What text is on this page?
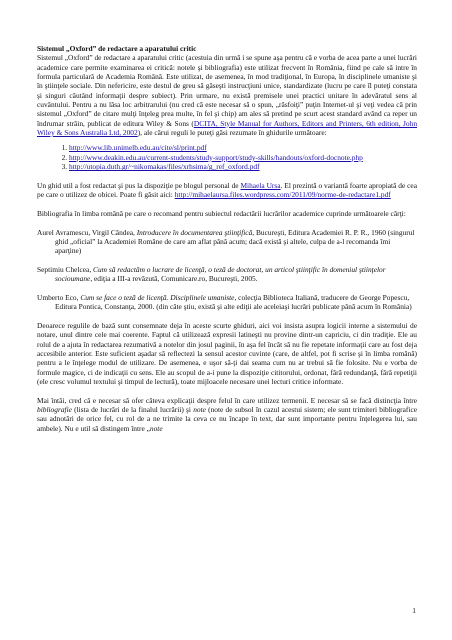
Sistemul „Oxford” de redactare a aparatului critic

Sistemul „Oxford” de redactare a aparatului critic (acestuia din urmă i se spune aşa pentru că e vorba de acea parte a unei lucrări academice care permite examinarea ei critică: notele şi bibliografia) este utilizat frecvent în România, fiind pe cale să intre în formula particulară de Academia Română. Este utilizat, de asemenea, în mod tradiţional, în Europa, în disciplinele umaniste şi în ştiinţele sociale. Din nefericire, este destul de greu să găseşti instrucţiuni unice, standardizate (lucru pe care îl puteţi constata şi singuri căutând informaţii despre subiect). Prin urmare, nu există premisele unei practici unitare în adevăratul sens al cuvântului. Pentru a nu lăsa loc arbitrarului (nu cred că este necesar să o spun, „răsfoiţi” puţin Internet-ul şi veţi vedea că prin sistemul „Oxford” de citare mulţi înţeleg prea multe, în fel şi chip) am ales să pretind pe scurt acest standard având ca reper un îndrumar străin, publicat de editura Wiley & Sons (DCITA, Style Manual for Authors, Editors and Printers, 6th edition, John Wiley & Sons Australia Ltd, 2002), ale cărui reguli le puteţi găsi rezumate în ghidurile următoare:

1. http://www.lib.unimelb.edu.au/cite/sl/print.pdf
2. http://www.deakin.edu.au/current-students/study-support/study-skills/handouts/oxford-docnote.php
3. http://utopia.duth.gr/~nikomakas/files/xrhsima/g_ref_oxford.pdf

Un ghid util a fost redactat şi pus la dispoziţie pe blogul personal de Mihaela Ursa. El prezintă o variantă foarte apropiată de cea pe care o utilizez de obicei. Poate fi găsit aici: http://mihaelaursa.files.wordpress.com/2011/09/norme-de-redactare1.pdf

Bibliografia în limba română pe care o recomand pentru subiectul redactării lucrărilor academice cuprinde următoarele cărţi:

Aurel Avramescu, Virgil Cândea, Introducere în documentarea ştiinţifică, Bucureşti, Editura Academiei R. P. R., 1960 (singurul ghid „oficial” la Academiei Române de care am aflat până acum; dacă există şi altele, culpa de a-l recomanda îmi aparţine)

Septimiu Chelcea, Cum să redactăm o lucrare de licenţă, o teză de doctorat, un articol ştiinţific în domeniul ştiinţelor socioumane, ediţia a III-a revăzută, Comunicare.ro, Bucureşti, 2005.

Umberto Eco, Cum se face o teză de licenţă. Disciplinele umaniste, colecţia Biblioteca Italiană, traducere de George Popescu, Editura Pontica, Constanţa, 2000. (din câte ştiu, există şi alte ediţii ale aceleiaşi lucrări publicate până acum în România)

Deoarece regulile de bază sunt consemnate deja în aceste scurte ghiduri, aici voi insista asupra logicii interne a sistemului de notare, unul dintre cele mai coerente. Faptul că utilizează expresii latineşti nu provine dintr-un capriciu, ci din tradiţie. Ele au rolul de a ajuta în redactarea rezumativă a notelor din josul paginii, în aşa fel încât să nu fie repetate informaţii care au fost deja accesibile anterior. Este suficient aşadar să reflectezi la sensul acestor cuvinte (care, de altfel, pot fi scrise şi în limba română) pentru a le înţelege modul de utilizare. De asemenea, e uşor să-ţi dai seama cum nu ar trebui să fie folosite. Nu e vorba de formule magice, ci de indicaţii cu sens. Ele au scopul de a-i pune la dispoziţie cititorului, ordonat, fără redundanţă, fără repetiţii (ele cresc volumul textului şi timpul de lectură), toate mijloacele necesare unei lecturi critice informate.

Mai întâi, cred că e necesar să ofer câteva explicaţii despre felul în care utilizez termenii. E necesar să se facă distincţia între bibliografie (lista de lucrări de la finalul lucrării) şi note (note de subsol în cazul acestui sistem; ele sunt trimiteri bibliografice sau adnotări de orice fel, cu rol de a ne trimite la ceva ce nu încape în text, dar sunt importante pentru înţelegerea lui, sau ambele). Nu e util să distingem între „note

1
